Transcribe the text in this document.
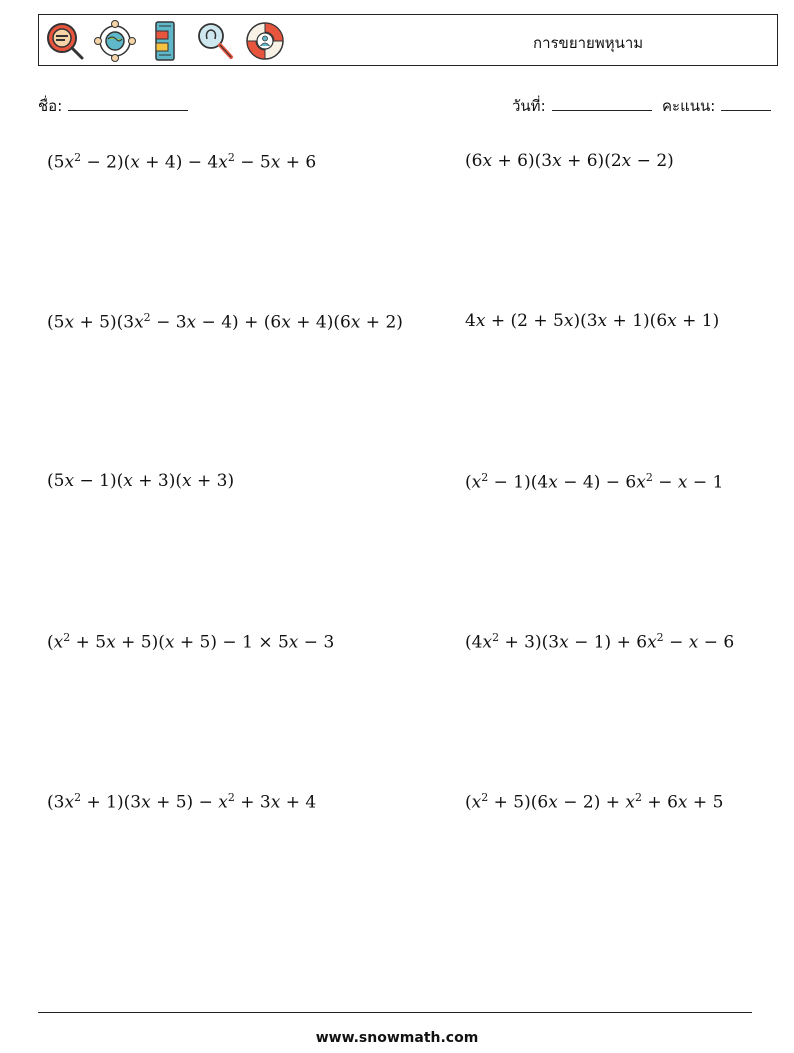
การขยายพหุนาม
ชื่อ:	วันที่:	คะแนน:
$(5x^2 - 2)(x + 4) - 4x^2 - 5x + 6$	(6x + 6)(3x + 6)(2x − 2)
$(5x + 5)(3x^2 - 3x - 4) + (6x + 4)(6x + 2)$	4x + (2 + 5x)(3x + 1)(6x + 1)
(5x − 1)(x + 3)(x + 3)	$(x^2 - 1)(4x - 4) - 6x^2 - x - 1$
$(x^2 + 5x + 5)(x + 5) - 1 \times 5x - 3$	$(4x^2 + 3)(3x - 1) + 6x^2 - x - 6$
$(3x^2 + 1)(3x + 5) - x^2 + 3x + 4$	$(x^2 + 5)(6x - 2) + x^2 + 6x + 5$
www.snowmath.com
